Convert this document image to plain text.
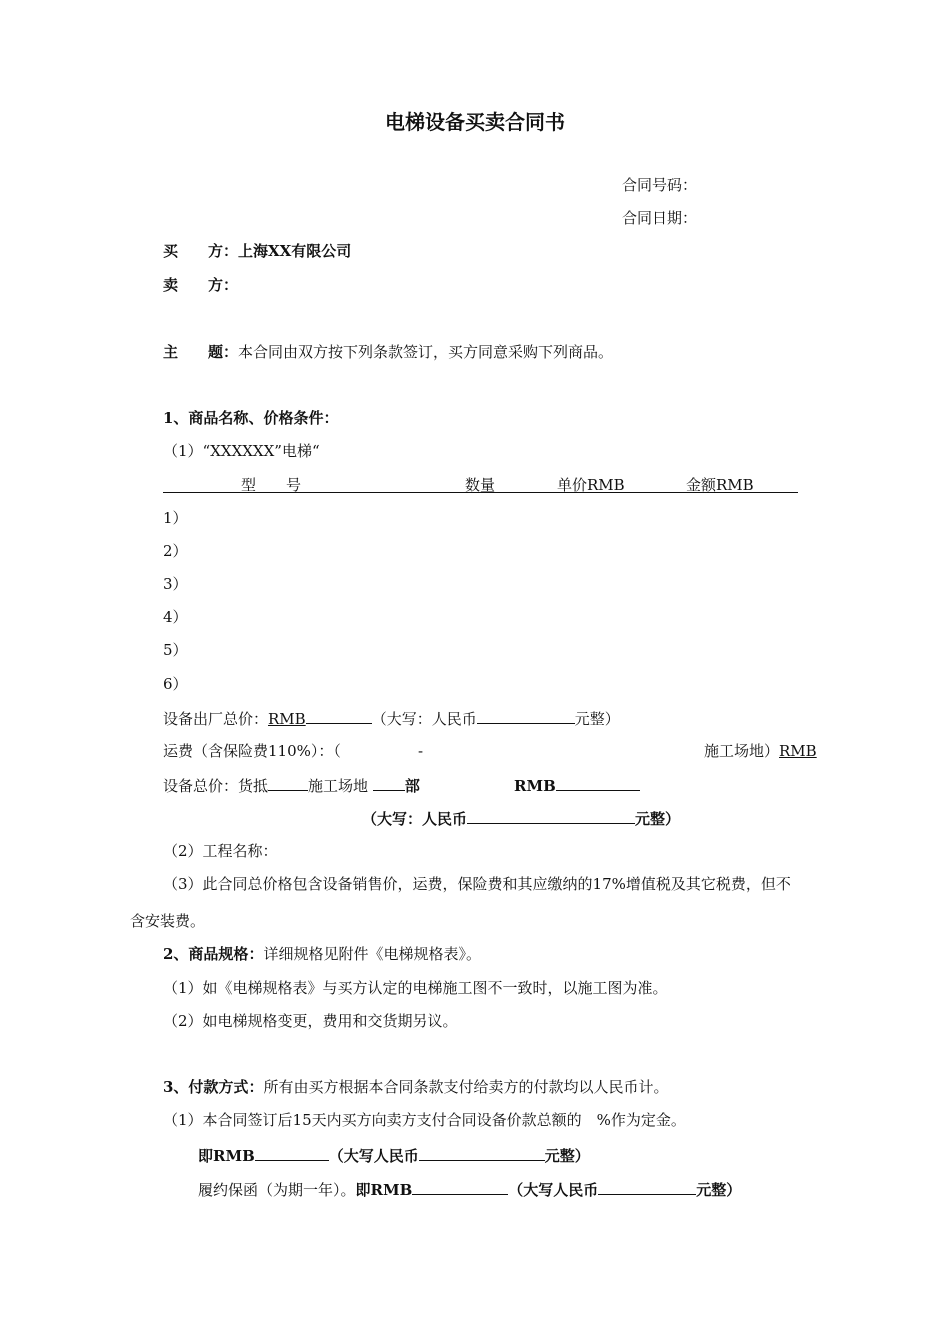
电梯设备买卖合同书
合同号码：
合同日期：
买　　方：上海XX有限公司
卖　　方：
主　　题：本合同由双方按下列条款签订，买方同意采购下列商品。
1、商品名称、价格条件：
（1）“XXXXXX”电梯“
型　　号	数量	单价RMB	金额RMB
1）
2）
3）
4）
5）
6）
设备出厂总价：RMB	（大写：人民币	元整）
运费（含保险费110%）：（	-	施工场地）RMB
设备总价：货抵	施工场地 部	RMB
（大写：人民币	元整）
（2）工程名称：
（3）此合同总价格包含设备销售价，运费，保险费和其应缴纳的17%增值税及其它税费，但不
含安装费。
2、商品规格：详细规格见附件《电梯规格表》。
（1）如《电梯规格表》与买方认定的电梯施工图不一致时，以施工图为准。
（2）如电梯规格变更，费用和交货期另议。
3、付款方式：所有由买方根据本合同条款支付给卖方的付款均以人民币计。
（1）本合同签订后15天内买方向卖方支付合同设备价款总额的　%作为定金。
即RMB	（大写人民币	元整）
履约保函（为期一年）。即RMB	（大写人民币	元整）
